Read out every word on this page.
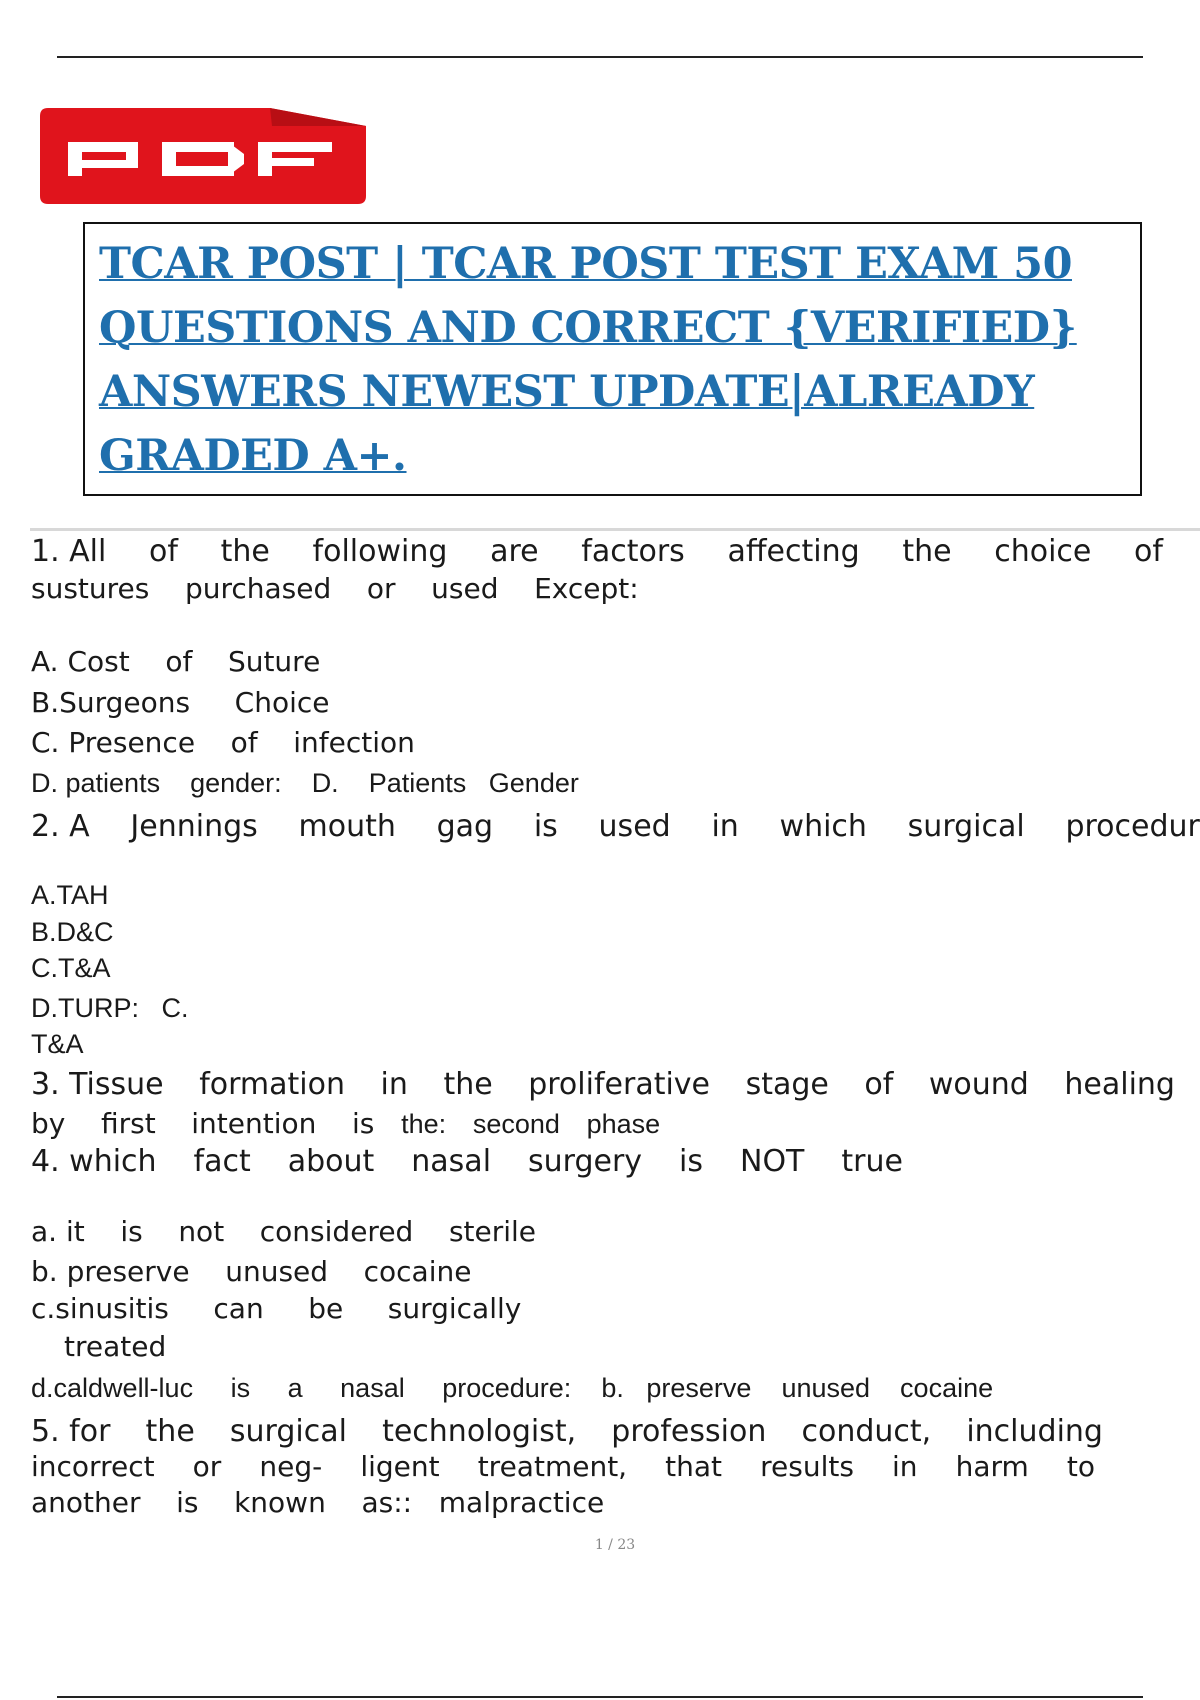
TCAR POST | TCAR POST TEST EXAM 50
QUESTIONS AND CORRECT {VERIFIED}
ANSWERS NEWEST UPDATE|ALREADY
GRADED A+.
1. All of the following are factors affecting the choice of
sustures purchased or used Except:
A. Cost of Suture
B.Surgeons Choice
C. Presence of infection
D. patients gender: D. Patients Gender
2. A Jennings mouth gag is used in which surgical procedur
A.TAH
B.D&C
C.T&A
D.TURP: C.
T&A
3. Tissue formation in the proliferative stage of wound healing
by first intention is the: second phase
4. which fact about nasal surgery is NOT true
a. it is not considered sterile
b. preserve unused cocaine
c.sinusitis can be surgically
treated
d.caldwell-luc is a nasal procedure: b. preserve unused cocaine
5. for the surgical technologist, profession conduct, including
incorrect or neg- ligent treatment, that results in harm to
another is known as:: malpractice
1 / 23
